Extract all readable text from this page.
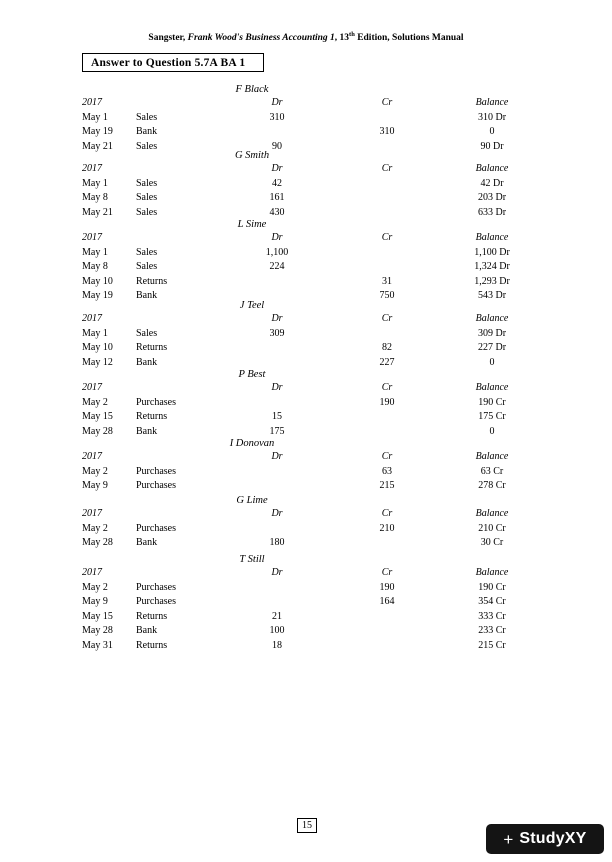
Sangster, Frank Wood's Business Accounting 1, 13th Edition, Solutions Manual
Answer to Question 5.7A BA 1
F Black
2017		Dr	Cr	Balance
May 1	Sales	310		310 Dr
May 19	Bank		310	0
May 21	Sales	90		90 Dr
G Smith
2017		Dr	Cr	Balance
May 1	Sales	42		42 Dr
May 8	Sales	161		203 Dr
May 21	Sales	430		633 Dr
L Sime
2017		Dr	Cr	Balance
May 1	Sales	1,100		1,100 Dr
May 8	Sales	224		1,324 Dr
May 10	Returns		31	1,293 Dr
May 19	Bank		750	543 Dr
J Teel
2017		Dr	Cr	Balance
May 1	Sales	309		309 Dr
May 10	Returns		82	227 Dr
May 12	Bank		227	0
P Best
2017		Dr	Cr	Balance
May 2	Purchases		190	190 Cr
May 15	Returns	15		175 Cr
May 28	Bank	175		0
I Donovan
2017		Dr	Cr	Balance
May 2	Purchases		63	63 Cr
May 9	Purchases		215	278 Cr
G Lime
2017		Dr	Cr	Balance
May 2	Purchases		210	210 Cr
May 28	Bank	180		30 Cr
T Still
2017		Dr	Cr	Balance
May 2	Purchases		190	190 Cr
May 9	Purchases		164	354 Cr
May 15	Returns	21		333 Cr
May 28	Bank	100		233 Cr
May 31	Returns	18		215 Cr
15
+ StudyXY
